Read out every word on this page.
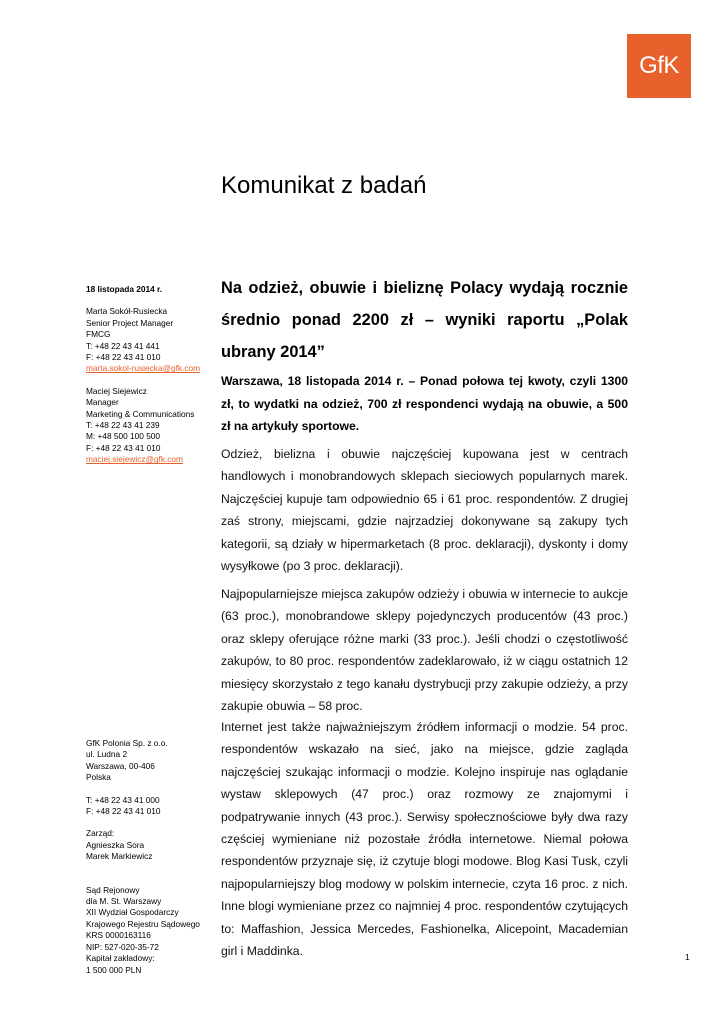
GfK
Komunikat z badań
18 listopada 2014 r.
Marta Sokół-Rusiecka
Senior Project Manager
FMCG
T: +48 22 43 41 441
F: +48 22 43 41 010
marta.sokol-rusiecka@gfk.com
Maciej Siejewicz
Manager
Marketing & Communications
T: +48 22 43 41 239
M: +48 500 100 500
F: +48 22 43 41 010
maciej.siejewicz@gfk.com
GfK Polonia Sp. z o.o.
ul. Ludna 2
Warszawa, 00-406
Polska
T: +48 22 43 41 000
F: +48 22 43 41 010
Zarząd:
Agnieszka Sora
Marek Markiewicz
Sąd Rejonowy
dla M. St. Warszawy
XII Wydział Gospodarczy
Krajowego Rejestru Sądowego
KRS 0000163116
NIP: 527-020-35-72
Kapitał zakładowy:
1 500 000 PLN

Na odzież, obuwie i bieliznę Polacy wydają rocznie średnio ponad 2200 zł – wyniki raportu „Polak ubrany 2014”

Warszawa, 18 listopada 2014 r. – Ponad połowa tej kwoty, czyli 1300 zł, to wydatki na odzież, 700 zł respondenci wydają na obuwie, a 500 zł na artykuły sportowe.

Odzież, bielizna i obuwie najczęściej kupowana jest w centrach handlowych i monobrandowych sklepach sieciowych popularnych marek. Najczęściej kupuje tam odpowiednio 65 i 61 proc. respondentów. Z drugiej zaś strony, miejscami, gdzie najrzadziej dokonywane są zakupy tych kategorii, są działy w hipermarketach (8 proc. deklaracji), dyskonty i domy wysyłkowe (po 3 proc. deklaracji).

Najpopularniejsze miejsca zakupów odzieży i obuwia w internecie to aukcje (63 proc.), monobrandowe sklepy pojedynczych producentów (43 proc.) oraz sklepy oferujące różne marki (33 proc.). Jeśli chodzi o częstotliwość zakupów, to 80 proc. respondentów zadeklarowało, iż w ciągu ostatnich 12 miesięcy skorzystało z tego kanału dystrybucji przy zakupie odzieży, a przy zakupie obuwia – 58 proc.

Internet jest także najważniejszym źródłem informacji o modzie. 54 proc. respondentów wskazało na sieć, jako na miejsce, gdzie zagląda najczęściej szukając informacji o modzie. Kolejno inspiruje nas oglądanie wystaw sklepowych (47 proc.) oraz rozmowy ze znajomymi i podpatrywanie innych (43 proc.). Serwisy społecznościowe były dwa razy częściej wymieniane niż pozostałe źródła internetowe. Niemal połowa respondentów przyznaje się, iż czytuje blogi modowe. Blog Kasi Tusk, czyli najpopularniejszy blog modowy w polskim internecie, czyta 16 proc. z nich. Inne blogi wymieniane przez co najmniej 4 proc. respondentów czytujących to: Maffashion, Jessica Mercedes, Fashionelka, Alicepoint, Macademian girl i Maddinka.	1
